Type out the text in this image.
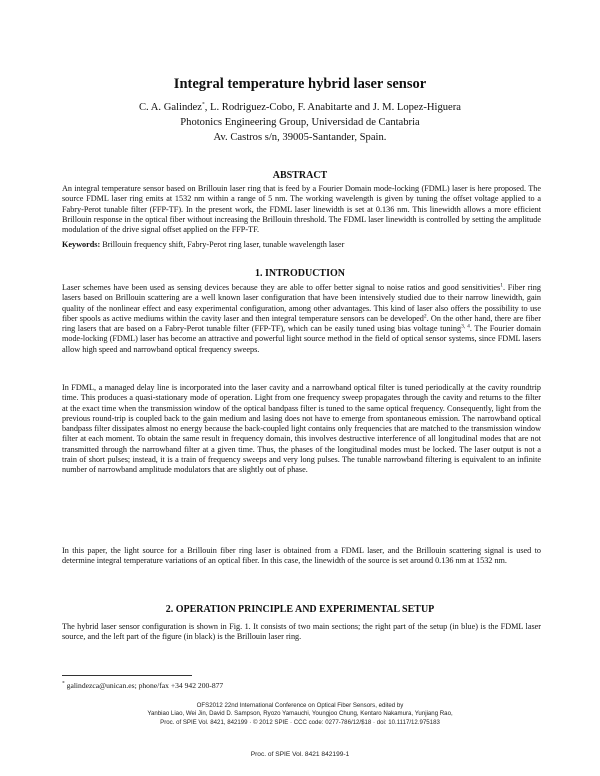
Integral temperature hybrid laser sensor
C. A. Galindez*, L. Rodriguez-Cobo, F. Anabitarte and J. M. Lopez-Higuera
Photonics Engineering Group, Universidad de Cantabria
Av. Castros s/n, 39005-Santander, Spain.
ABSTRACT

An integral temperature sensor based on Brillouin laser ring that is feed by a Fourier Domain mode-locking (FDML) laser is here proposed. The source FDML laser ring emits at 1532 nm within a range of 5 nm. The working wavelength is given by tuning the offset voltage applied to a Fabry-Perot tunable filter (FFP-TF). In the present work, the FDML laser linewidth is set at 0.136 nm. This linewidth allows a more efficient Brillouin response in the optical fiber without increasing the Brillouin threshold. The FDML laser linewidth is controlled by setting the amplitude modulation of the drive signal offset applied on the FFP-TF.

Keywords: Brillouin frequency shift, Fabry-Perot ring laser, tunable wavelength laser

1. INTRODUCTION

Laser schemes have been used as sensing devices because they are able to offer better signal to noise ratios and good sensitivities$^1$. Fiber ring lasers based on Brillouin scattering are a well known laser configuration that have been intensively studied due to their narrow linewidth, gain quality of the nonlinear effect and easy experimental configuration, among other advantages. This kind of laser also offers the possibility to use fiber spools as active mediums within the cavity laser and then integral temperature sensors can be developed$^2$. On the other hand, there are fiber ring lasers that are based on a Fabry-Perot tunable filter (FFP-TF), which can be easily tuned using bias voltage tuning$^{3, 4}$. The Fourier domain mode-locking (FDML) laser has become an attractive and powerful light source method in the field of optical sensor systems, since FDML lasers allow high speed and narrowband optical frequency sweeps.

In FDML, a managed delay line is incorporated into the laser cavity and a narrowband optical filter is tuned periodically at the cavity roundtrip time. This produces a quasi-stationary mode of operation. Light from one frequency sweep propagates through the cavity and returns to the filter at the exact time when the transmission window of the optical bandpass filter is tuned to the same optical frequency. Consequently, light from the previous round-trip is coupled back to the gain medium and lasing does not have to emerge from spontaneous emission. The narrowband optical bandpass filter dissipates almost no energy because the back-coupled light contains only frequencies that are matched to the transmission window filter at each moment. To obtain the same result in frequency domain, this involves destructive interference of all longitudinal modes that are not transmitted through the narrowband filter at a given time. Thus, the phases of the longitudinal modes must be locked. The laser output is not a train of short pulses; instead, it is a train of frequency sweeps and very long pulses. The tunable narrowband filtering is equivalent to an infinite number of narrowband amplitude modulators that are slightly out of phase.

In this paper, the light source for a Brillouin fiber ring laser is obtained from a FDML laser, and the Brillouin scattering signal is used to determine integral temperature variations of an optical fiber. In this case, the linewidth of the source is set around 0.136 nm at 1532 nm.

2. OPERATION PRINCIPLE AND EXPERIMENTAL SETUP

The hybrid laser sensor configuration is shown in Fig. 1. It consists of two main sections; the right part of the setup (in blue) is the FDML laser source, and the left part of the figure (in black) is the Brillouin laser ring.

* galindezca@unican.es; phone/fax +34 942 200-877
OFS2012 22nd International Conference on Optical Fiber Sensors, edited by
Yanbiao Liao, Wei Jin, David D. Sampson, Ryozo Yamauchi, Youngjoo Chung, Kentaro Nakamura, Yunjiang Rao,
Proc. of SPIE Vol. 8421, 842199 · © 2012 SPIE · CCC code: 0277-786/12/$18 · doi: 10.1117/12.975183
Proc. of SPIE Vol. 8421 842199-1
